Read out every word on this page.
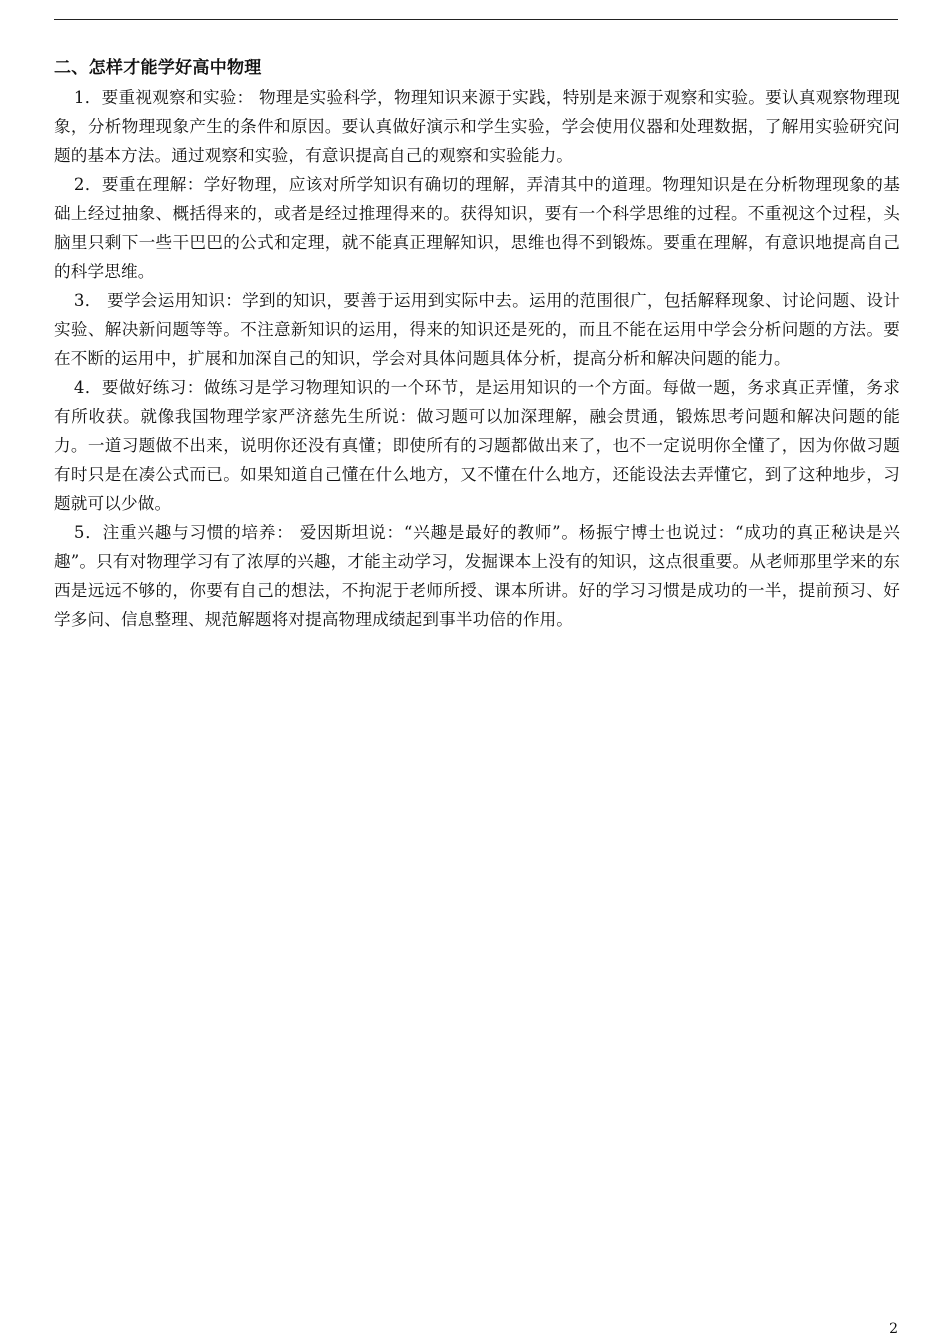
二、怎样才能学好高中物理

1．要重视观察和实验： 物理是实验科学，物理知识来源于实践，特别是来源于观察和实验。要认真观察物理现象，分析物理现象产生的条件和原因。要认真做好演示和学生实验，学会使用仪器和处理数据，了解用实验研究问题的基本方法。通过观察和实验，有意识提高自己的观察和实验能力。

2．要重在理解：学好物理，应该对所学知识有确切的理解，弄清其中的道理。物理知识是在分析物理现象的基础上经过抽象、概括得来的，或者是经过推理得来的。获得知识，要有一个科学思维的过程。不重视这个过程，头脑里只剩下一些干巴巴的公式和定理，就不能真正理解知识，思维也得不到锻炼。要重在理解，有意识地提高自己的科学思维。

3． 要学会运用知识：学到的知识，要善于运用到实际中去。运用的范围很广，包括解释现象、讨论问题、设计实验、解决新问题等等。不注意新知识的运用，得来的知识还是死的，而且不能在运用中学会分析问题的方法。要在不断的运用中，扩展和加深自己的知识，学会对具体问题具体分析，提高分析和解决问题的能力。

4．要做好练习：做练习是学习物理知识的一个环节，是运用知识的一个方面。每做一题，务求真正弄懂，务求有所收获。就像我国物理学家严济慈先生所说：做习题可以加深理解，融会贯通，锻炼思考问题和解决问题的能力。一道习题做不出来，说明你还没有真懂；即使所有的习题都做出来了，也不一定说明你全懂了，因为你做习题有时只是在凑公式而已。如果知道自己懂在什么地方，又不懂在什么地方，还能设法去弄懂它，到了这种地步，习题就可以少做。

5．注重兴趣与习惯的培养： 爱因斯坦说：“兴趣是最好的教师”。杨振宁博士也说过：“成功的真正秘诀是兴趣”。只有对物理学习有了浓厚的兴趣，才能主动学习，发掘课本上没有的知识，这点很重要。从老师那里学来的东西是远远不够的，你要有自己的想法，不拘泥于老师所授、课本所讲。好的学习习惯是成功的一半，提前预习、好学多问、信息整理、规范解题将对提高物理成绩起到事半功倍的作用。

2
